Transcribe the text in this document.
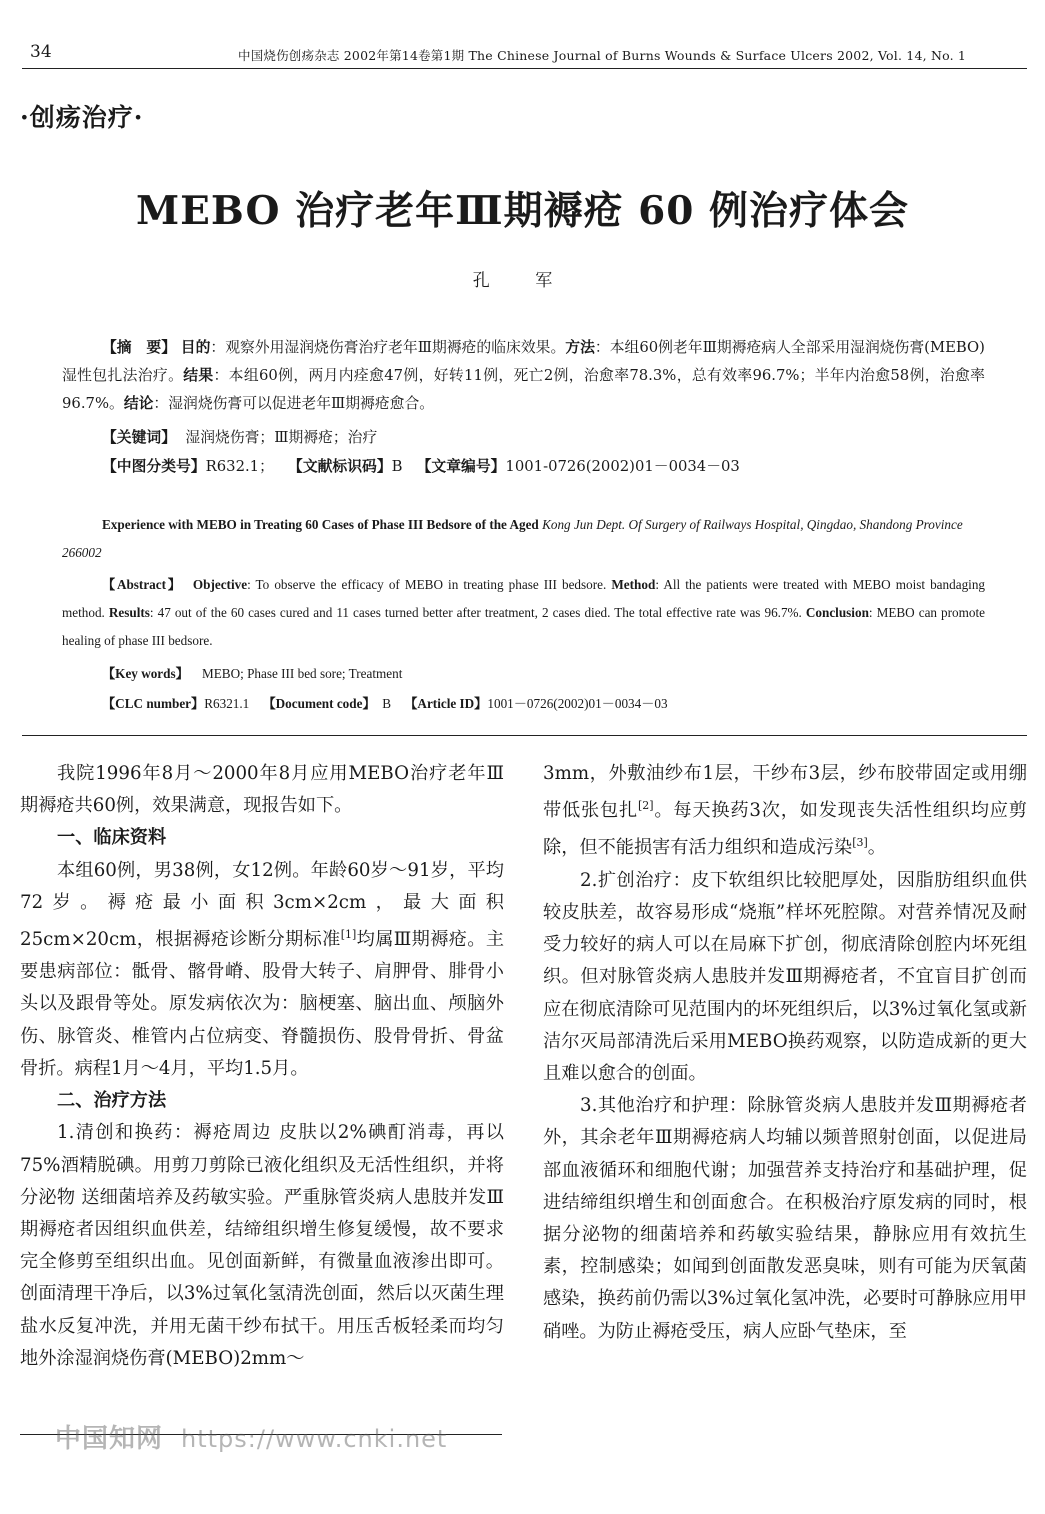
34	中国烧伤创疡杂志 2002年第14卷第1期 The Chinese Journal of Burns Wounds & Surface Ulcers 2002, Vol. 14, No. 1
·创疡治疗·
MEBO 治疗老年Ⅲ期褥疮 60 例治疗体会
孔 军
【摘　要】 目的：观察外用湿润烧伤膏治疗老年Ⅲ期褥疮的临床效果。方法：本组60例老年Ⅲ期褥疮病人全部采用湿润烧伤膏(MEBO)湿性包扎法治疗。结果：本组60例，两月内痊愈47例，好转11例，死亡2例，治愈率78.3%，总有效率96.7%；半年内治愈58例，治愈率96.7%。结论：湿润烧伤膏可以促进老年Ⅲ期褥疮愈合。
【关键词】 湿润烧伤膏；Ⅲ期褥疮；治疗
【中图分类号】R632.1； 【文献标识码】B 【文章编号】1001-0726(2002)01－0034－03
Experience with MEBO in Treating 60 Cases of Phase III Bedsore of the Aged Kong Jun Dept. Of Surgery of Railways Hospital, Qingdao, Shandong Province 266002
【Abstract】 Objective: To observe the efficacy of MEBO in treating phase III bedsore. Method: All the patients were treated with MEBO moist bandaging method. Results: 47 out of the 60 cases cured and 11 cases turned better after treatment, 2 cases died. The total effective rate was 96.7%. Conclusion: MEBO can promote healing of phase III bedsore.
【Key words】 MEBO; Phase III bed sore; Treatment
【CLC number】R6321.1 【Document code】 B 【Article ID】1001－0726(2002)01－0034－03

我院1996年8月～2000年8月应用MEBO治疗老年Ⅲ期褥疮共60例，效果满意，现报告如下。

一、临床资料

本组60例，男38例，女12例。年龄60岁～91岁，平均72岁。褥疮最小面积3cm×2cm，最大面积25cm×20cm，根据褥疮诊断分期标准[1]均属Ⅲ期褥疮。主要患病部位：骶骨、髂骨嵴、股骨大转子、肩胛骨、腓骨小头以及跟骨等处。原发病依次为：脑梗塞、脑出血、颅脑外伤、脉管炎、椎管内占位病变、脊髓损伤、股骨骨折、骨盆骨折。病程1月～4月，平均1.5月。

二、治疗方法

1.清创和换药：褥疮周边 皮肤以2%碘酊消毒，再以75%酒精脱碘。用剪刀剪除已液化组织及无活性组织，并将分泌物 送细菌培养及药敏实验。严重脉管炎病人患肢并发Ⅲ期褥疮者因组织血供差，结缔组织增生修复缓慢，故不要求完全修剪至组织出血。见创面新鲜，有微量血液渗出即可。创面清理干净后，以3%过氧化氢清洗创面，然后以灭菌生理盐水反复冲洗，并用无菌干纱布拭干。用压舌板轻柔而均匀地外涂湿润烧伤膏(MEBO)2mm～

3mm，外敷油纱布1层，干纱布3层，纱布胶带固定或用绷带低张包扎[2]。每天换药3次，如发现丧失活性组织均应剪除，但不能损害有活力组织和造成污染[3]。

2.扩创治疗：皮下软组织比较肥厚处，因脂肪组织血供较皮肤差，故容易形成“烧瓶”样坏死腔隙。对营养情况及耐受力较好的病人可以在局麻下扩创，彻底清除创腔内坏死组织。但对脉管炎病人患肢并发Ⅲ期褥疮者，不宜盲目扩创而应在彻底清除可见范围内的坏死组织后，以3%过氧化氢或新洁尔灭局部清洗后采用MEBO换药观察，以防造成新的更大且难以愈合的创面。

3.其他治疗和护理：除脉管炎病人患肢并发Ⅲ期褥疮者外，其余老年Ⅲ期褥疮病人均辅以频普照射创面，以促进局部血液循环和细胞代谢；加强营养支持治疗和基础护理，促进结缔组织增生和创面愈合。在积极治疗原发病的同时，根据分泌物的细菌培养和药敏实验结果，静脉应用有效抗生素，控制感染；如闻到创面散发恶臭味，则有可能为厌氧菌感染，换药前仍需以3%过氧化氢冲洗，必要时可静脉应用甲硝唑。为防止褥疮受压，病人应卧气垫床，至

中国知网 https://www.cnki.net
